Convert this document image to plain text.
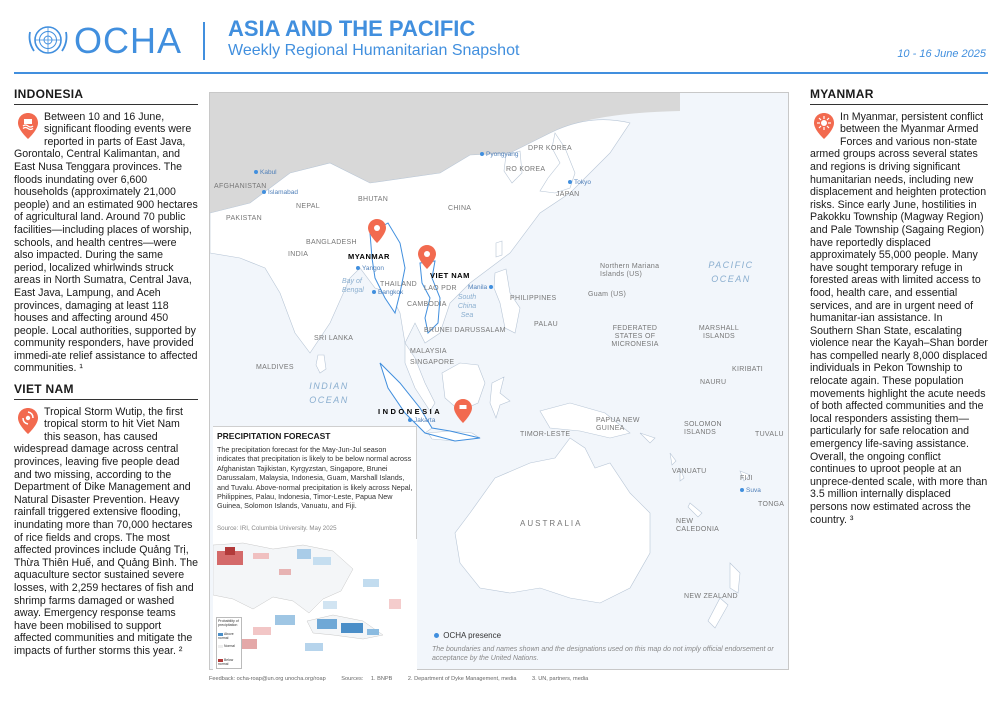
OCHA ASIA AND THE PACIFIC
Weekly Regional Humanitarian Snapshot	10 - 16 June 2025
INDONESIA
Between 10 and 16 June, significant flooding events were reported in parts of East Java, Gorontalo, Central Kalimantan, and East Nusa Tenggara provinces. The floods inundating over 6,600 households (approximately 21,000 people) and an estimated 900 hectares of agricultural land. Around 70 public facilities—including places of worship, schools, and health centres—were also impacted. During the same period, localized whirlwinds struck areas in North Sumatra, Central Java, East Java, Lampung, and Aceh provinces, damaging at least 118 houses and affecting around 450 people. Local authorities, supported by community responders, have provided immedi-ate relief assistance to affected communities. ¹
VIET NAM
Tropical Storm Wutip, the first tropical storm to hit Viet Nam this season, has caused widespread damage across central provinces, leaving five people dead and two missing, according to the Department of Dike Management and Natural Disaster Prevention. Heavy rainfall triggered extensive flooding, inundating more than 70,000 hectares of rice fields and crops. The most affected provinces include Quảng Trị, Thừa Thiên Huế, and Quảng Bình. The aquaculture sector sustained severe losses, with 2,259 hectares of fish and shrimp farms damaged or washed away. Emergency response teams have been mobilised to support affected communities and mitigate the impacts of further storms this year. ²
MYANMAR
In Myanmar, persistent conflict between the Myanmar Armed Forces and various non-state armed groups across several states and regions is driving significant humanitarian needs, including new displacement and heighten protection risks. Since early June, hostilities in Pakokku Township (Magway Region) and Pale Township (Sagaing Region) have reportedly displaced approximately 55,000 people. Many have sought temporary refuge in forested areas with limited access to food, health care, and essential services, and are in urgent need of humanitar-ian assistance. In Southern Shan State, escalating violence near the Kayah–Shan border has compelled nearly 8,000 displaced individuals in Pekon Township to relocate again. These population movements highlight the acute needs of both affected communities and the local responders assisting them—particularly for safe relocation and emergency life-saving assistance. Overall, the ongoing conflict continues to uproot people at an unprece-dented scale, with more than 3.5 million internally displaced persons now estimated across the country. ³
AFGHANISTAN
PAKISTAN
NEPAL
BHUTAN
CHINA
INDIA
BANGLADESH
DPR KOREA
RO KOREA
JAPAN
THAILAND
LAO PDR
CAMBODIA
PHILIPPINES
SRI LANKA
MALDIVES
MALAYSIA
SINGAPORE
BRUNEI DARUSSALAM
PALAU
FEDERATED STATES OF MICRONESIA
MARSHALL ISLANDS
NAURU
KIRIBATI
TIMOR-LESTE
PAPUA NEW GUINEA
SOLOMON ISLANDS	TUVALU
VANUATU
FIJI
TONGA
NEW CALEDONIA
AUSTRALIA
NEW ZEALAND
Northern Mariana Islands (US)
Guam (US)
MYANMAR
VIET NAM
INDONESIA
PACIFIC OCEAN
INDIAN OCEAN
Bay of Bengal
South China Sea
Kabul
Islamabad
Pyongyang
Tokyo
Yangon
Bangkok
Manila
Jakarta
Suva
PRECIPITATION FORECAST
The precipitation forecast for the May-Jun-Jul season indicates that precipitation is likely to be below normal across Afghanistan Tajikistan, Kyrgyzstan, Singapore, Brunei Darussalam, Malaysia, Indonesia, Guam, Marshall Islands, and Tuvalu. Above-normal precipitation is likely across Nepal, Philippines, Palau, Indonesia, Timor-Leste, Papua New Guinea, Solomon Islands, Vanuatu, and Fiji.
Source: IRI, Columbia University. May 2025
Probability of precipitation
Above normal
Normal
Below normal
OCHA presence
The boundaries and names shown and the designations used on this map do not imply official endorsement or acceptance by the United Nations.
Feedback: ocha-roap@un.org unocha.org/roap	Sources: 1. BNPB	2. Department of Dyke Management, media	3. UN, partners, media
